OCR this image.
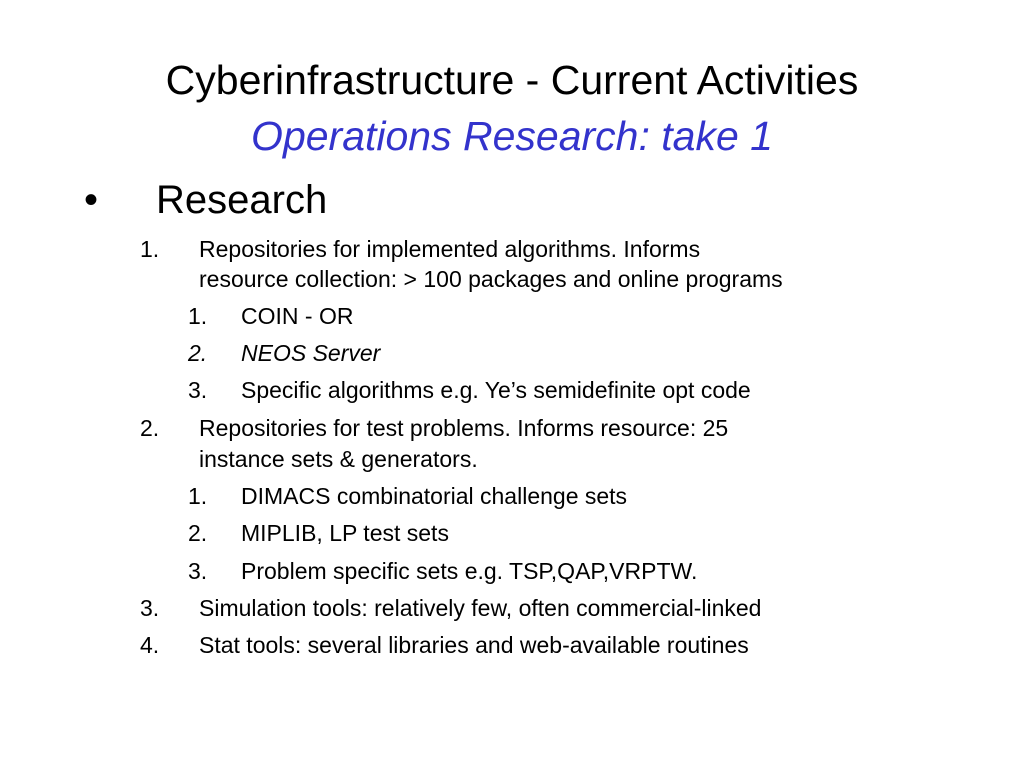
Cyberinfrastructure - Current Activities
Operations Research: take 1
•	Research
1. Repositories for implemented algorithms. Informs
resource collection: > 100 packages and online programs
1. COIN - OR
2. NEOS Server
3. Specific algorithms e.g. Ye’s semidefinite opt code
2. Repositories for test problems. Informs resource: 25
instance sets & generators.
1. DIMACS combinatorial challenge sets
2. MIPLIB, LP test sets
3. Problem specific sets e.g. TSP,QAP,VRPTW.
3. Simulation tools: relatively few, often commercial-linked
4. Stat tools: several libraries and web-available routines
